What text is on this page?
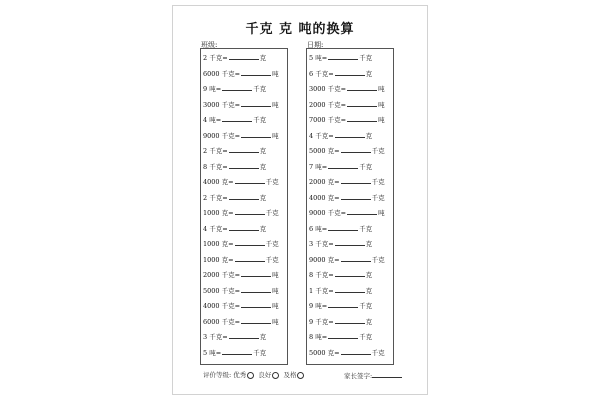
千克 克 吨的换算
班级:	日期:
2 千克=	克
6000 千克=	吨
9 吨=	千克
3000 千克=	吨
4 吨=	千克
9000 千克=	吨
2 千克=	克
8 千克=	克
4000 克=	千克
2 千克=	克
1000 克=	千克
4 千克=	克
1000 克=	千克
1000 克=	千克
2000 千克=	吨
5000 千克=	吨
4000 千克=	吨
6000 千克=	吨
3 千克=	克
5 吨=	千克
5 吨=	千克
6 千克=	克
3000 千克=	吨
2000 千克=	吨
7000 千克=	吨
4 千克=	克
5000 克=	千克
7 吨=	千克
2000 克=	千克
4000 克=	千克
9000 千克=	吨
6 吨=	千克
3 千克=	克
9000 克=	千克
8 千克=	克
1 千克=	克
9 吨=	千克
9 千克=	克
8 吨=	千克
5000 克=	千克
评价等级: 优秀 良好 及格	家长签字:
